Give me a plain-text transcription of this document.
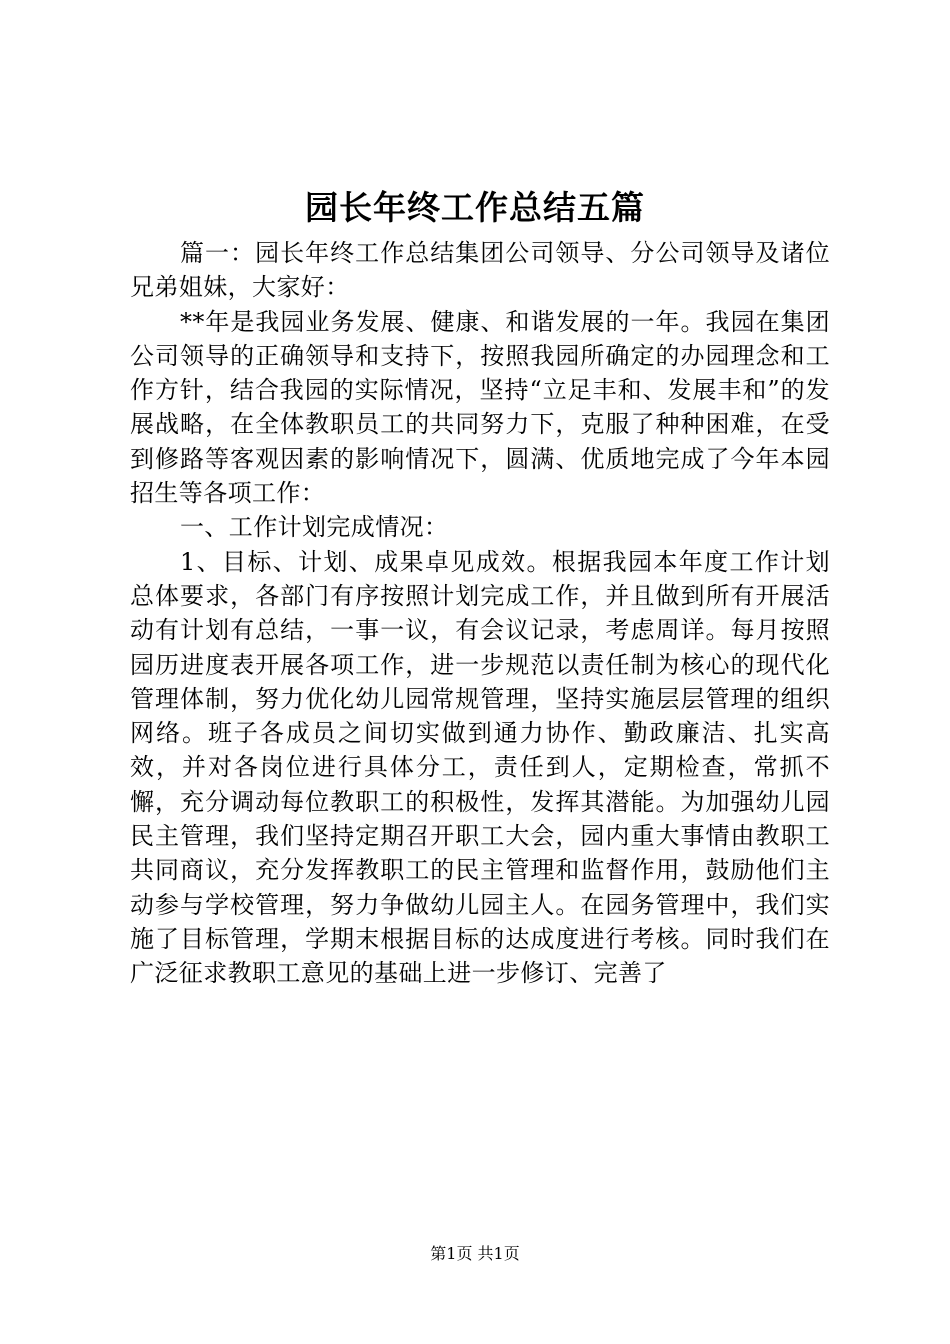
园长年终工作总结五篇

篇一：园长年终工作总结集团公司领导、分公司领导及诸位兄弟姐妹，大家好：

**年是我园业务发展、健康、和谐发展的一年。我园在集团公司领导的正确领导和支持下，按照我园所确定的办园理念和工作方针，结合我园的实际情况，坚持“立足丰和、发展丰和”的发展战略，在全体教职员工的共同努力下，克服了种种困难，在受到修路等客观因素的影响情况下，圆满、优质地完成了今年本园招生等各项工作：

一、工作计划完成情况：

1、目标、计划、成果卓见成效。根据我园本年度工作计划总体要求，各部门有序按照计划完成工作，并且做到所有开展活动有计划有总结，一事一议，有会议记录，考虑周详。每月按照园历进度表开展各项工作，进一步规范以责任制为核心的现代化管理体制，努力优化幼儿园常规管理，坚持实施层层管理的组织网络。班子各成员之间切实做到通力协作、勤政廉洁、扎实高效，并对各岗位进行具体分工，责任到人，定期检查，常抓不懈，充分调动每位教职工的积极性，发挥其潜能。为加强幼儿园民主管理，我们坚持定期召开职工大会，园内重大事情由教职工共同商议，充分发挥教职工的民主管理和监督作用，鼓励他们主动参与学校管理，努力争做幼儿园主人。在园务管理中，我们实施了目标管理，学期末根据目标的达成度进行考核。同时我们在广泛征求教职工意见的基础上进一步修订、完善了

第1页 共1页
